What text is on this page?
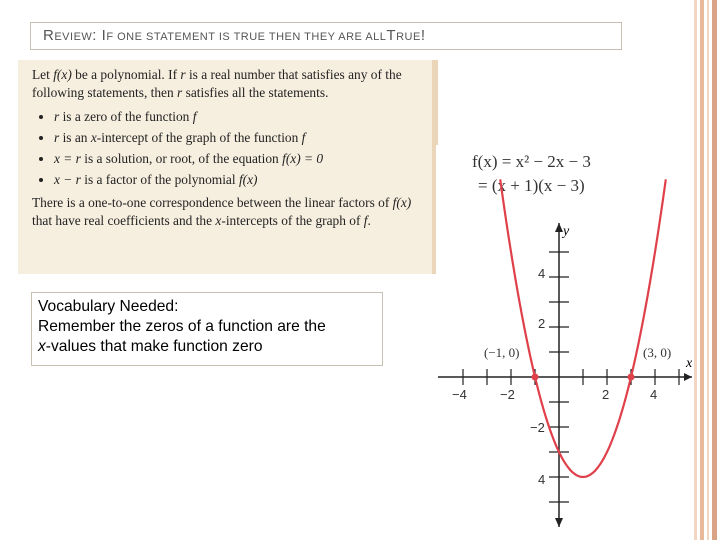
REVIEW: IF ONE STATEMENT IS TRUE THEN THEY ARE ALLTRUE!

Let f(x) be a polynomial. If r is a real number that satisfies any of the following statements, then r satisfies all the statements.

• r is a zero of the function f
• r is an x-intercept of the graph of the function f
• x = r is a solution, or root, of the equation f(x) = 0
• x − r is a factor of the polynomial f(x)

There is a one-to-one correspondence between the linear factors of f(x) that have real coefficients and the x-intercepts of the graph of f.

Vocabulary Needed:
Remember the zeros of a function are the
x-values that make function zero
f(x) = x² − 2x − 3
= (x + 1)(x − 3)
x
y
−4	−2	2	4
4
2
−2
4
(−1, 0)	(3, 0)
